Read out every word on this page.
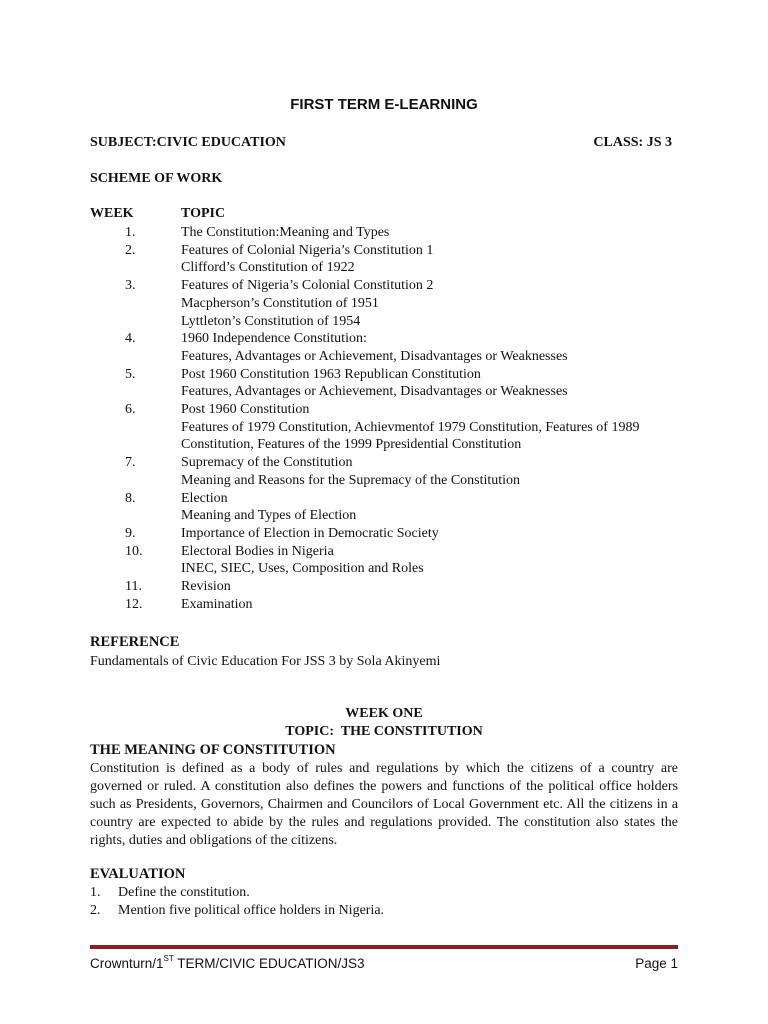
FIRST TERM E-LEARNING
SUBJECT:CIVIC EDUCATION	CLASS: JS 3
SCHEME OF WORK
WEEK	TOPIC
1.	The Constitution:Meaning and Types
2.	Features of Colonial Nigeria’s Constitution 1
Clifford’s Constitution of 1922
3.	Features of Nigeria’s Colonial Constitution 2
Macpherson’s Constitution of 1951
Lyttleton’s Constitution of 1954
4.	1960 Independence Constitution:
Features, Advantages or Achievement, Disadvantages or Weaknesses
5.	Post 1960 Constitution 1963 Republican Constitution
Features, Advantages or Achievement, Disadvantages or Weaknesses
6.	Post 1960 Constitution
Features of 1979 Constitution, Achievmentof 1979 Constitution, Features of 1989
Constitution, Features of the 1999 Ppresidential Constitution
7.	Supremacy of the Constitution
Meaning and Reasons for the Supremacy of the Constitution
8.	Election
Meaning and Types of Election
9.	Importance of Election in Democratic Society
10.	Electoral Bodies in Nigeria
INEC, SIEC, Uses, Composition and Roles
11.	Revision
12.	Examination
REFERENCE
Fundamentals of Civic Education For JSS 3 by Sola Akinyemi
WEEK ONE
TOPIC:  THE CONSTITUTION
THE MEANING OF CONSTITUTION
Constitution is defined as a body of rules and regulations by which the citizens of a country are governed or ruled. A constitution also defines the powers and functions of the political office holders such as Presidents, Governors, Chairmen and Councilors of Local Government etc. All the citizens in a country are expected to abide by the rules and regulations provided. The constitution also states the rights, duties and obligations of the citizens.
EVALUATION
1. Define the constitution.
2. Mention five political office holders in Nigeria.
Crownturn/1ST TERM/CIVIC EDUCATION/JS3	Page 1
